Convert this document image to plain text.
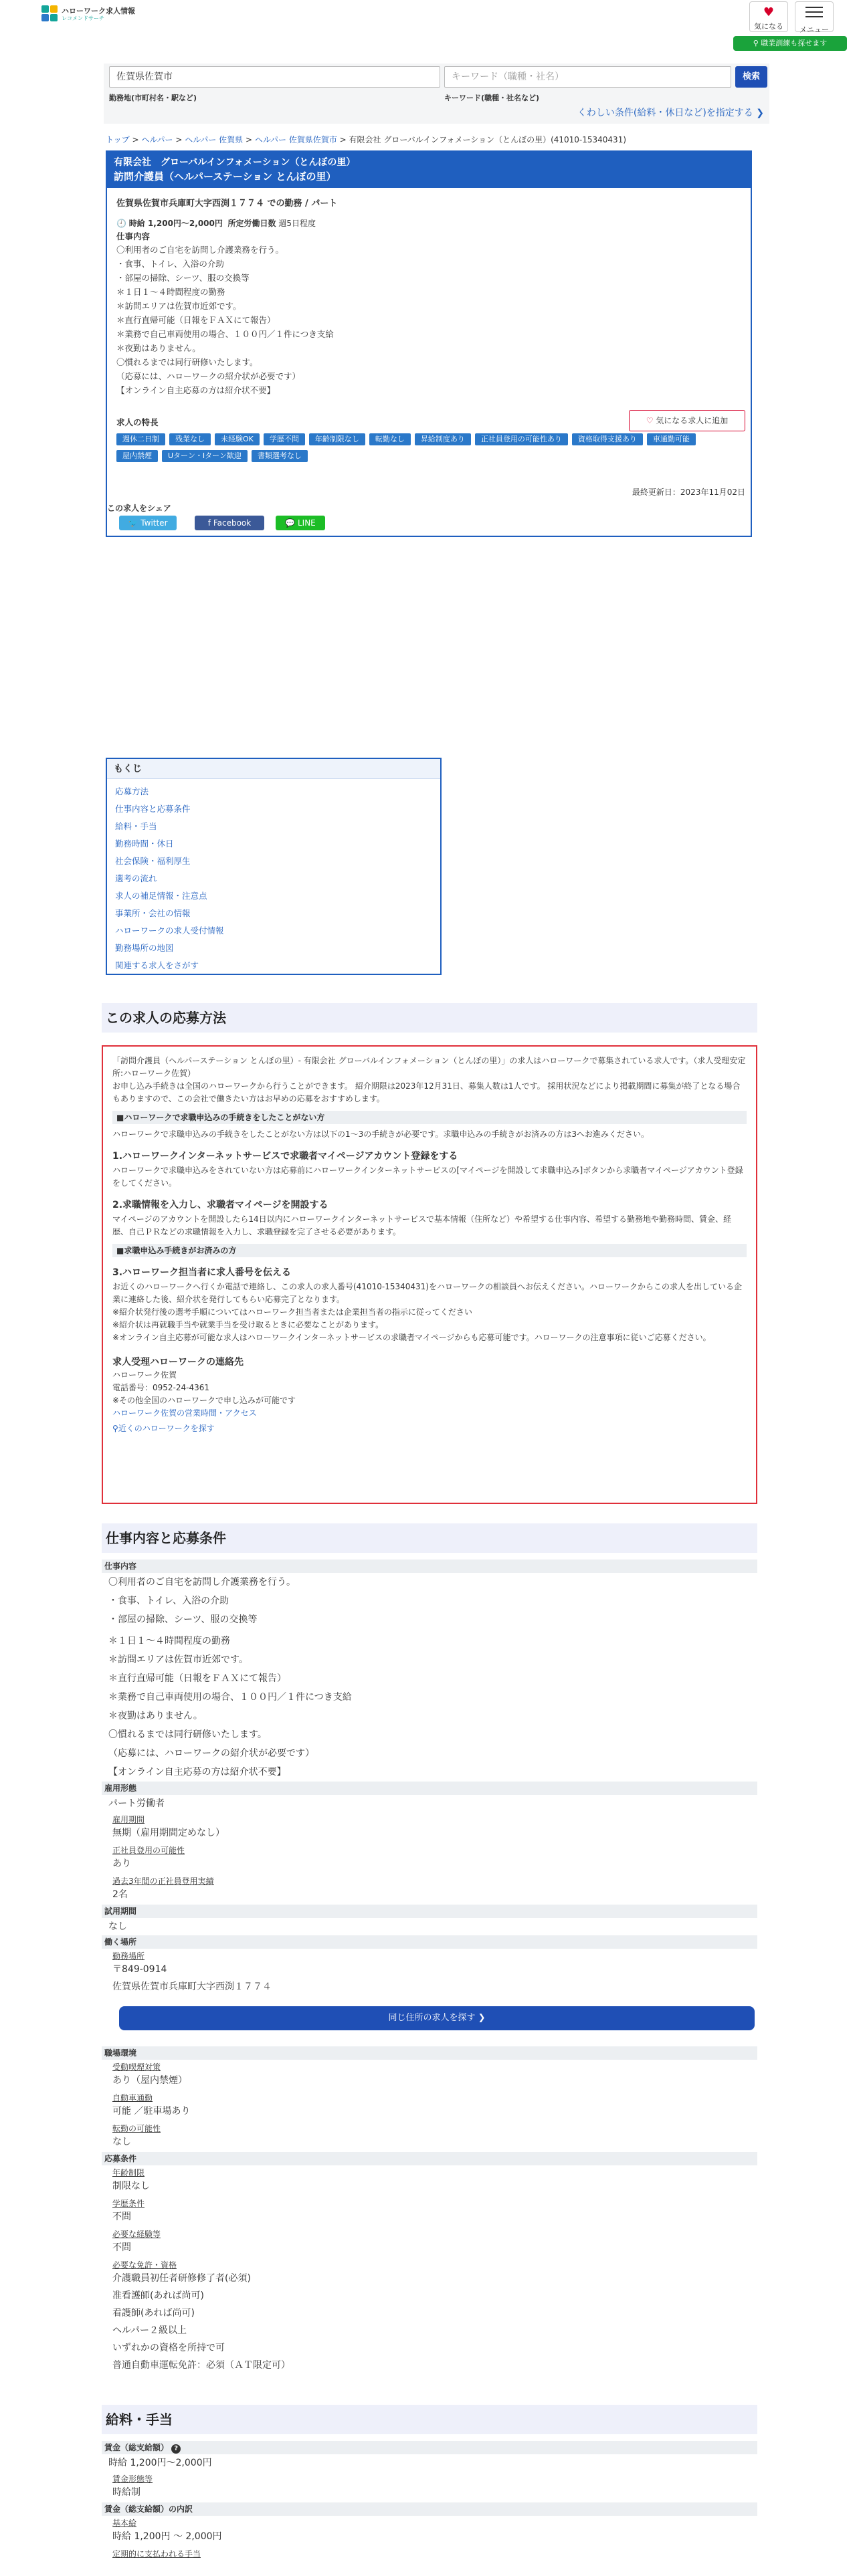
ハローワーク求人情報
レコメンドサーチ	♥
気になる	メニュー
⚲ 職業訓練も探せます
佐賀県佐賀市	キーワード（職種・社名）	検索
勤務地(市町村名・駅など)	キーワード(職種・社名など)
くわしい条件(給料・休日など)を指定する ❯
トップ > ヘルパー > ヘルパー 佐賀県 > ヘルパー 佐賀県佐賀市 > 有限会社 グローバルインフォメーション（とんぼの里）(41010-15340431)
有限会社　グローバルインフォメーション（とんぼの里）
訪問介護員（ヘルパーステーション とんぼの里）
佐賀県佐賀市兵庫町大字西渕１７７４ での勤務 / パート
🕘 時給 1,200円〜2,000円 所定労働日数 週5日程度
仕事内容
〇利用者のご自宅を訪問し介護業務を行う。
・食事、トイレ、入浴の介助
・部屋の掃除、シーツ、服の交換等
＊１日１〜４時間程度の勤務
＊訪問エリアは佐賀市近郊です。
＊直行直帰可能（日報をＦＡＸにて報告）
＊業務で自己車両使用の場合、１００円／１件につき支給
＊夜勤はありません。
〇慣れるまでは同行研修いたします。
（応募には、ハローワークの紹介状が必要です）
【オンライン自主応募の方は紹介状不要】
求人の特長
週休二日制 残業なし 未経験OK 学歴不問 年齢制限なし 転勤なし 昇給制度あり 正社員登用の可能性あり 資格取得支援あり 車通勤可能屋内禁煙 Uターン・Iターン歓迎 書類選考なし
♡ 気になる求人に追加
最終更新日：2023年11月02日
この求人をシェア
🐦 Twitter	f Facebook	💬 LINE
もくじ
応募方法
仕事内容と応募条件
給料・手当
勤務時間・休日
社会保険・福利厚生
選考の流れ
求人の補足情報・注意点
事業所・会社の情報
ハローワークの求人受付情報
勤務場所の地図
関連する求人をさがす
この求人の応募方法
「訪問介護員（ヘルパーステーション とんぼの里）- 有限会社 グローバルインフォメーション（とんぼの里）」の求人はハローワークで募集されている求人です。（求人受理安定所:ハローワーク佐賀）
お申し込み手続きは全国のハローワークから行うことができます。 紹介期限は2023年12月31日、募集人数は1人です。 採用状況などにより掲載期間に募集が終了となる場合もありますので、この会社で働きたい方はお早めの応募をおすすめします。
■ハローワークで求職申込みの手続きをしたことがない方
ハローワークで求職申込みの手続きをしたことがない方は以下の1〜3の手続きが必要です。求職申込みの手続きがお済みの方は3へお進みください。
1.ハローワークインターネットサービスで求職者マイページアカウント登録をする
ハローワークで求職申込みをされていない方は応募前にハローワークインターネットサービスの[マイページを開設して求職申込み]ボタンから求職者マイページアカウント登録をしてください。
2.求職情報を入力し、求職者マイページを開設する
マイページのアカウントを開設したら14日以内にハローワークインターネットサービスで基本情報（住所など）や希望する仕事内容、希望する勤務地や勤務時間、賃金、経歴、自己ＰＲなどの求職情報を入力し、求職登録を完了させる必要があります。
■求職申込み手続きがお済みの方
3.ハローワーク担当者に求人番号を伝える
お近くのハローワークへ行くか電話で連絡し、この求人の求人番号(41010-15340431)をハローワークの相談員へお伝えください。ハローワークからこの求人を出している企業に連絡した後、紹介状を発行してもらい応募完了となります。
※紹介状発行後の選考手順についてはハローワーク担当者または企業担当者の指示に従ってください
※紹介状は再就職手当や就業手当を受け取るときに必要なことがあります。
※オンライン自主応募が可能な求人はハローワークインターネットサービスの求職者マイページからも応募可能です。ハローワークの注意事項に従いご応募ください。
求人受理ハローワークの連絡先
ハローワーク佐賀
電話番号：0952-24-4361
※その他全国のハローワークで申し込みが可能です
ハローワーク佐賀の営業時間・アクセス
⚲近くのハローワークを探す
仕事内容と応募条件
仕事内容
〇利用者のご自宅を訪問し介護業務を行う。
・食事、トイレ、入浴の介助
・部屋の掃除、シーツ、服の交換等
＊１日１〜４時間程度の勤務
＊訪問エリアは佐賀市近郊です。
＊直行直帰可能（日報をＦＡＸにて報告）
＊業務で自己車両使用の場合、１００円／１件につき支給
＊夜勤はありません。
〇慣れるまでは同行研修いたします。
（応募には、ハローワークの紹介状が必要です）
【オンライン自主応募の方は紹介状不要】
雇用形態
パート労働者
雇用期間
無期（雇用期間定めなし）
正社員登用の可能性
あり
過去3年間の正社員登用実績
2名
試用期間
なし
働く場所
勤務場所
〒849-0914
佐賀県佐賀市兵庫町大字西渕１７７４
同じ住所の求人を探す ❯
職場環境
受動喫煙対策
あり（屋内禁煙）
自動車通勤
可能 ／駐車場あり
転勤の可能性
なし
応募条件
年齢制限
制限なし
学歴条件
不問
必要な経験等
不問
必要な免許・資格
介護職員初任者研修修了者(必須)
准看護師(あれば尚可)
看護師(あれば尚可)
ヘルパー２級以上
いずれかの資格を所持で可
普通自動車運転免許：必須（ＡＴ限定可）
給料・手当
賃金（総支給額） ?
時給 1,200円〜2,000円
賃金形態等
時給制
賃金（総支給額）の内訳
基本給
時給 1,200円 〜 2,000円
定期的に支払われる手当
